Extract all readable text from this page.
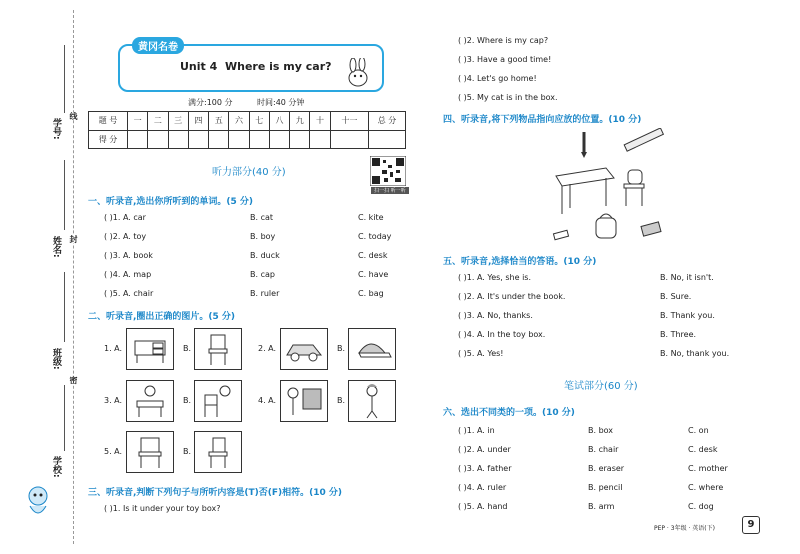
学号:
姓名:
班级:
学校:
线
封
密
黄冈名卷
Unit 4 Where is my car?
满分:100 分	时间:40 分钟
题 号	一	二	三	四	五	六	七	八	九	十	十一	总 分
得 分												
听力部分(40 分)
扫一扫 听一听
一、听录音,选出你所听到的单词。(5 分)
( )1. A. car	B. cat	C. kite
( )2. A. toy	B. boy	C. today
( )3. A. book	B. duck	C. desk
( )4. A. map	B. cap	C. have
( )5. A. chair	B. ruler	C. bag
二、听录音,圈出正确的图片。(5 分)
1. A.	B.	2. A.	B.
3. A.	B.	4. A.	B.
5. A.	B.
三、听录音,判断下列句子与所听内容是(T)否(F)相符。(10 分)
( )1. Is it under your toy box?
( )2. Where is my cap?
( )3. Have a good time!
( )4. Let's go home!
( )5. My cat is in the box.
四、听录音,将下列物品指向应放的位置。(10 分)
五、听录音,选择恰当的答语。(10 分)
( )1. A. Yes, she is.	B. No, it isn't.
( )2. A. It's under the book.	B. Sure.
( )3. A. No, thanks.	B. Thank you.
( )4. A. In the toy box.	B. Three.
( )5. A. Yes!	B. No, thank you.
笔试部分(60 分)
六、选出不同类的一项。(10 分)
( )1. A. in	B. box	C. on
( )2. A. under	B. chair	C. desk
( )3. A. father	B. eraser	C. mother
( )4. A. ruler	B. pencil	C. where
( )5. A. hand	B. arm	C. dog
PEP · 3年级 · 英语(下)	9
